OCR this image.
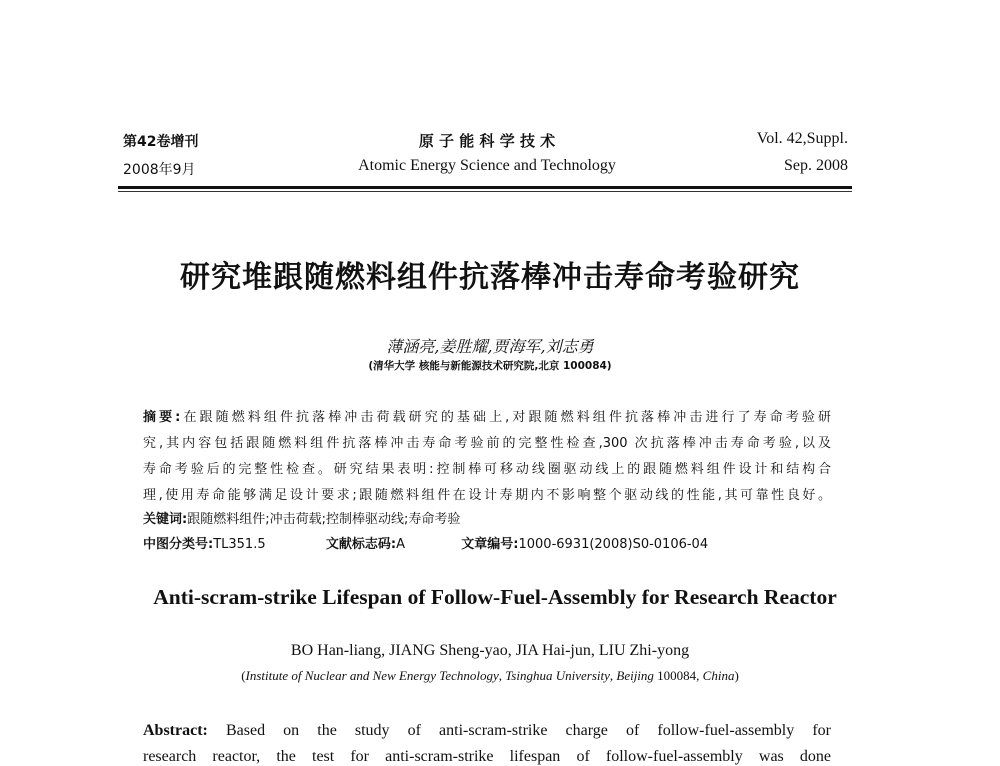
第42卷增刊
2008年9月
原 子 能 科 学 技 术
Atomic Energy Science and Technology
Vol. 42,Suppl.
Sep. 2008
研究堆跟随燃料组件抗落棒冲击寿命考验研究
薄涵亮,姜胜耀,贾海军,刘志勇
(清华大学 核能与新能源技术研究院,北京 100084)
摘要:在跟随燃料组件抗落棒冲击荷载研究的基础上,对跟随燃料组件抗落棒冲击进行了寿命考验研
究,其内容包括跟随燃料组件抗落棒冲击寿命考验前的完整性检查,300 次抗落棒冲击寿命考验,以及
寿命考验后的完整性检查。研究结果表明:控制棒可移动线圈驱动线上的跟随燃料组件设计和结构合
理,使用寿命能够满足设计要求;跟随燃料组件在设计寿期内不影响整个驱动线的性能,其可靠性良好。
关键词:跟随燃料组件;冲击荷载;控制棒驱动线;寿命考验
中图分类号:TL351.5	文献标志码:A	文章编号:1000-6931(2008)S0-0106-04
Anti-scram-strike Lifespan of Follow-Fuel-Assembly for Research Reactor
BO Han-liang, JIANG Sheng-yao, JIA Hai-jun, LIU Zhi-yong
(Institute of Nuclear and New Energy Technology, Tsinghua University, Beijing 100084, China)
Abstract: Based on the study of anti-scram-strike charge of follow-fuel-assembly for
research reactor, the test for anti-scram-strike lifespan of follow-fuel-assembly was done
